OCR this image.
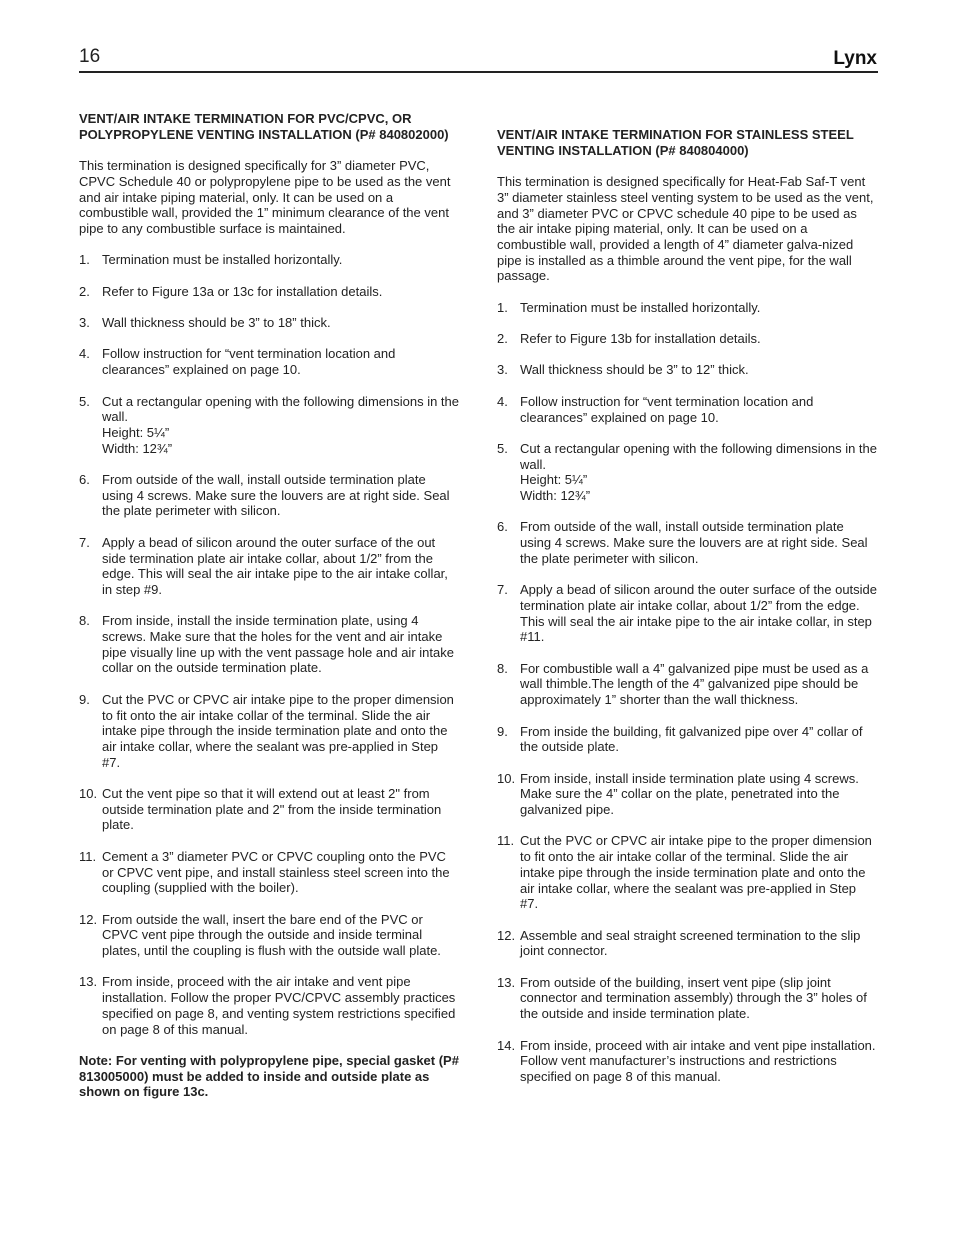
16	Lynx

VENT/AIR INTAKE TERMINATION FOR PVC/CPVC, OR POLYPROPYLENE VENTING INSTALLATION (P# 840802000)

This termination is designed specifically for 3” diameter PVC, CPVC Schedule 40 or polypropylene pipe to be used as the vent and air intake piping material, only. It can be used on a combustible wall, provided the 1” minimum clearance of the vent pipe to any combustible surface is maintained.

1. Termination must be installed horizontally.
2. Refer to Figure 13a or 13c for installation details.
3. Wall thickness should be 3” to 18” thick.
4. Follow instruction for “vent termination location and clearances” explained on page 10.
5. Cut a rectangular opening with the following dimensions in the wall.
Height: 5¼”
Width: 12¾”
6. From outside of the wall, install outside termination plate using 4 screws. Make sure the louvers are at right side. Seal the plate perimeter with silicon.
7. Apply a bead of silicon around the outer surface of the out side termination plate air intake collar, about 1/2” from the edge. This will seal the air intake pipe to the air intake collar, in step #9.
8. From inside, install the inside termination plate, using 4 screws. Make sure that the holes for the vent and air intake pipe visually line up with the vent passage hole and air intake collar on the outside termination plate.
9. Cut the PVC or CPVC air intake pipe to the proper dimension to fit onto the air intake collar of the terminal. Slide the air intake pipe through the inside termination plate and onto the air intake collar, where the sealant was pre-applied in Step #7.
10. Cut the vent pipe so that it will extend out at least 2" from outside termination plate and 2" from the inside termination plate.
11. Cement a 3” diameter PVC or CPVC coupling onto the PVC or CPVC vent pipe, and install stainless steel screen into the coupling (supplied with the boiler).
12. From outside the wall, insert the bare end of the PVC or CPVC vent pipe through the outside and inside terminal plates, until the coupling is flush with the outside wall plate.
13. From inside, proceed with the air intake and vent pipe installation. Follow the proper PVC/CPVC assembly practices specified on page 8, and venting system restrictions specified on page 8 of this manual.

Note: For venting with polypropylene pipe, special gasket (P# 813005000) must be added to inside and outside plate as shown on figure 13c.

VENT/AIR INTAKE TERMINATION FOR STAINLESS STEEL VENTING INSTALLATION (P# 840804000)

This termination is designed specifically for Heat-Fab Saf-T vent 3” diameter stainless steel venting system to be used as the vent, and 3” diameter PVC or CPVC schedule 40 pipe to be used as the air intake piping material, only. It can be used on a combustible wall, provided a length of 4” diameter galva-nized pipe is installed as a thimble around the vent pipe, for the wall passage.

1. Termination must be installed horizontally.
2. Refer to Figure 13b for installation details.
3. Wall thickness should be 3” to 12” thick.
4. Follow instruction for “vent termination location and clearances” explained on page 10.
5. Cut a rectangular opening with the following dimensions in the wall.
Height: 5¼”
Width: 12¾”
6. From outside of the wall, install outside termination plate using 4 screws. Make sure the louvers are at right side. Seal the plate perimeter with silicon.
7. Apply a bead of silicon around the outer surface of the outside termination plate air intake collar, about 1/2” from the edge. This will seal the air intake pipe to the air intake collar, in step #11.
8. For combustible wall a 4” galvanized pipe must be used as a wall thimble.The length of the 4” galvanized pipe should be approximately 1” shorter than the wall thickness.
9. From inside the building, fit galvanized pipe over 4” collar of the outside plate.
10. From inside, install inside termination plate using 4 screws. Make sure the 4” collar on the plate, penetrated into the galvanized pipe.
11. Cut the PVC or CPVC air intake pipe to the proper dimension to fit onto the air intake collar of the terminal. Slide the air intake pipe through the inside termination plate and onto the air intake collar, where the sealant was pre-applied in Step #7.
12. Assemble and seal straight screened termination to the slip joint connector.
13. From outside of the building, insert vent pipe (slip joint connector and termination assembly) through the 3” holes of the outside and inside termination plate.
14. From inside, proceed with air intake and vent pipe installation. Follow vent manufacturer’s instructions and restrictions specified on page 8 of this manual.
